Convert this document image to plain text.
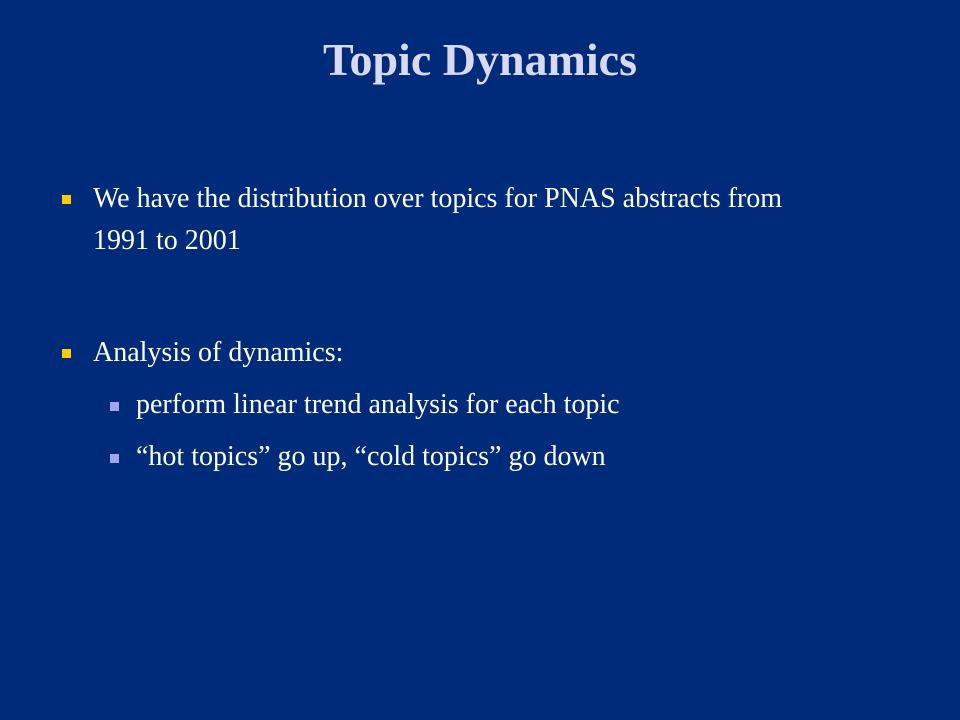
Topic Dynamics
We have the distribution over topics for PNAS abstracts from 1991 to 2001
Analysis of dynamics:
perform linear trend analysis for each topic
“hot topics” go up, “cold topics” go down
